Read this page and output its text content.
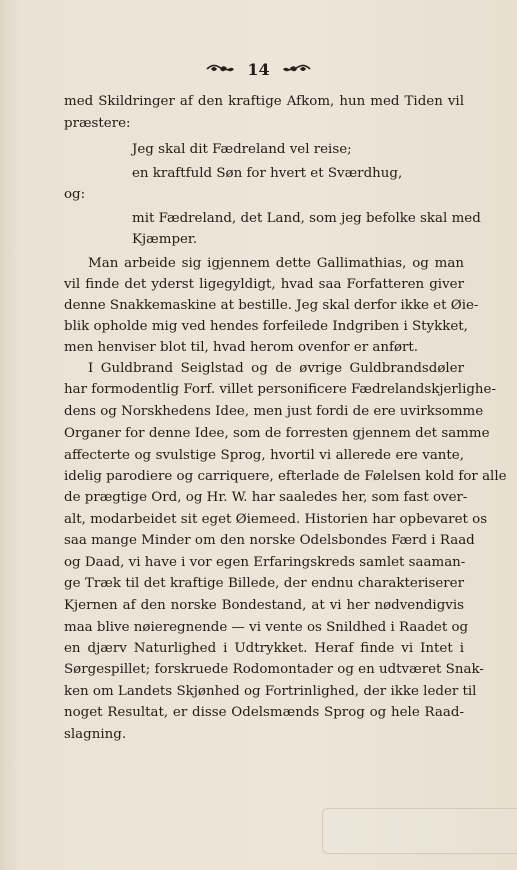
14
med Skildringer af den kraftige Afkom, hun med Tiden vil
præstere:
Jeg skal dit Fædreland vel reise;
en kraftfuld Søn for hvert et Sværdhug,
og:
mit Fædreland, det Land, som jeg befolke skal med
Kjæmper.
Man arbeide sig igjennem dette Gallimathias, og man
vil finde det yderst ligegyldigt, hvad saa Forfatteren giver
denne Snakkemaskine at bestille. Jeg skal derfor ikke et Øie-
blik opholde mig ved hendes forfeilede Indgriben i Stykket,
men henviser blot til, hvad herom ovenfor er anført.
I Guldbrand Seiglstad og de øvrige Guldbrandsdøler
har formodentlig Forf. villet personificere Fædrelandskjerlighe-
dens og Norskhedens Idee, men just fordi de ere uvirksomme
Organer for denne Idee, som de forresten gjennem det samme
affecterte og svulstige Sprog, hvortil vi allerede ere vante,
idelig parodiere og carriquere, efterlade de Følelsen kold for alle
de prægtige Ord, og Hr. W. har saaledes her, som fast over-
alt, modarbeidet sit eget Øiemeed. Historien har opbevaret os
saa mange Minder om den norske Odelsbondes Færd i Raad
og Daad, vi have i vor egen Erfaringskreds samlet saaman-
ge Træk til det kraftige Billede, der endnu charakteriserer
Kjernen af den norske Bondestand, at vi her nødvendigvis
maa blive nøieregnende — vi vente os Snildhed i Raadet og
en djærv Naturlighed i Udtrykket. Heraf finde vi Intet i
Sørgespillet; forskruede Rodomontader og en udtværet Snak-
ken om Landets Skjønhed og Fortrinlighed, der ikke leder til
noget Resultat, er disse Odelsmænds Sprog og hele Raad-
slagning.
